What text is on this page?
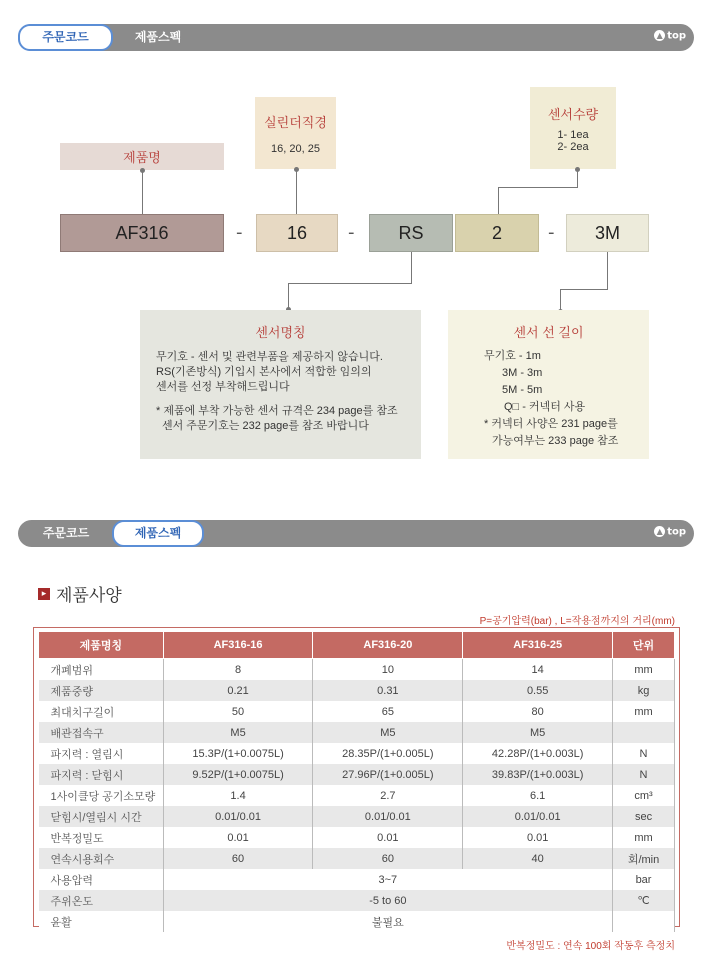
주문코드	제품스펙	▲ top
제품명
실린더직경
16, 20, 25
센서수량
1- 1ea
2- 2ea
AF316	- 16 - RS	2	- 3M
센서명칭
무기호 - 센서 및 관련부품을 제공하지 않습니다.
RS(기존방식) 기입시 본사에서 적합한 임의의
센서를 선정 부착해드립니다
* 제품에 부착 가능한 센서 규격은 234 page를 참조
센서 주문기호는 232 page를 참조 바랍니다
센서 선 길이
무기호 - 1m
3M - 3m
5M - 5m
Q□ - 커넥터 사용
* 커넥터 사양은 231 page를
가능여부는 233 page 참조
주문코드	제품스펙	▲ top
▸ 제품사양
P=공기압력(bar) , L=작용점까지의 거리(mm)
제품명칭	AF316-16	AF316-20	AF316-25	단위
개폐범위	8	10	14	mm
제품중량	0.21	0.31	0.55	kg
최대치구길이	50	65	80	mm
배관접속구	M5	M5	M5	
파지력 : 열림시	15.3P/(1+0.0075L)	28.35P/(1+0.005L)	42.28P/(1+0.003L)	N
파지력 : 닫힘시	9.52P/(1+0.0075L)	27.96P/(1+0.005L)	39.83P/(1+0.003L)	N
1사이클당 공기소모량	1.4	2.7	6.1	cm³
닫힘시/열림시 시간	0.01/0.01	0.01/0.01	0.01/0.01	sec
반복정밀도	0.01	0.01	0.01	mm
연속시용회수	60	60	40	회/min
사용압력	3~7			bar
주위온도	-5 to 60			℃
윤활	불필요			
반복정밀도 : 연속 100회 작동후 측정치
